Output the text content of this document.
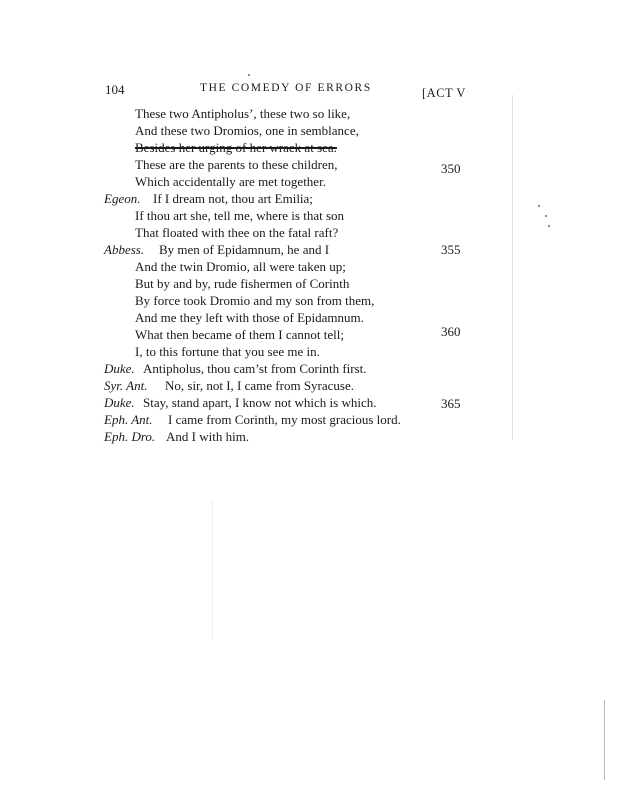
104	THE COMEDY OF ERRORS	[ACT V
These two Antipholus’, these two so like,
And these two Dromios, one in semblance,
Besides her urging of her wrack at sea.
These are the parents to these children,
Which accidentally are met together.
Egeon. If I dream not, thou art Emilia;
If thou art she, tell me, where is that son
That floated with thee on the fatal raft?
Abbess. By men of Epidamnum, he and I
And the twin Dromio, all were taken up;
But by and by, rude fishermen of Corinth
By force took Dromio and my son from them,
And me they left with those of Epidamnum.
What then became of them I cannot tell;
I, to this fortune that you see me in.
Duke. Antipholus, thou cam’st from Corinth first.
Syr. Ant. No, sir, not I, I came from Syracuse.
Duke. Stay, stand apart, I know not which is which.
Eph. Ant. I came from Corinth, my most gracious lord.
Eph. Dro. And I with him.
350
355
360
365
